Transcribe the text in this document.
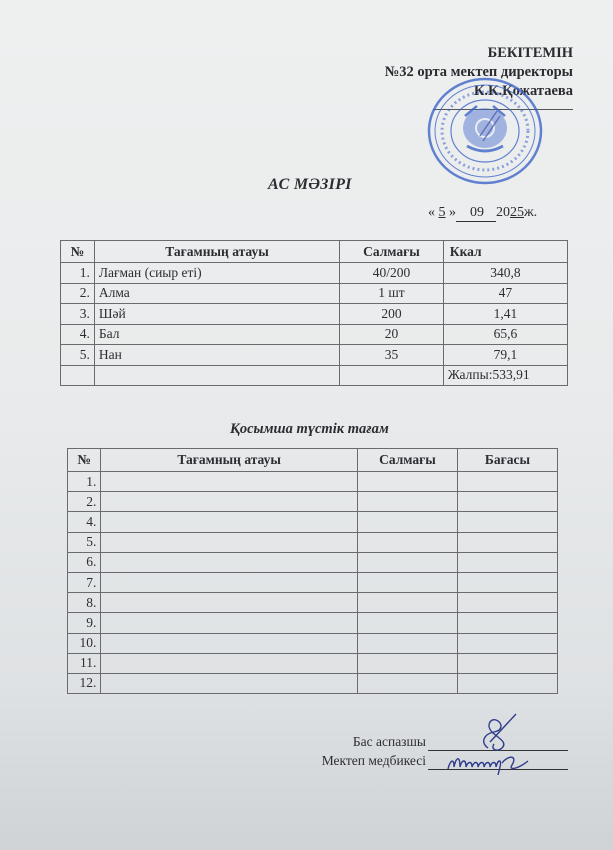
БЕКІТЕМІН
№32 орта мектеп директоры
К.К.Қожатаева
АС МӘЗІРІ
« 5 » 09 2025ж.
№	Тағамның атауы	Салмағы	Ккал
1.	Лағман (сиыр еті)	40/200	340,8
2.	Алма	1 шт	47
3.	Шәй	200	1,41
4.	Бал	20	65,6
5.	Нан	35	79,1
			Жалпы:533,91
Қосымша түстік тағам
№	Тағамның атауы	Салмағы	Бағасы
1.			
2.			
4.			
5.			
6.			
7.			
8.			
9.			
10.			
11.			
12.			
Бас аспазшы
Мектеп медбикесі
